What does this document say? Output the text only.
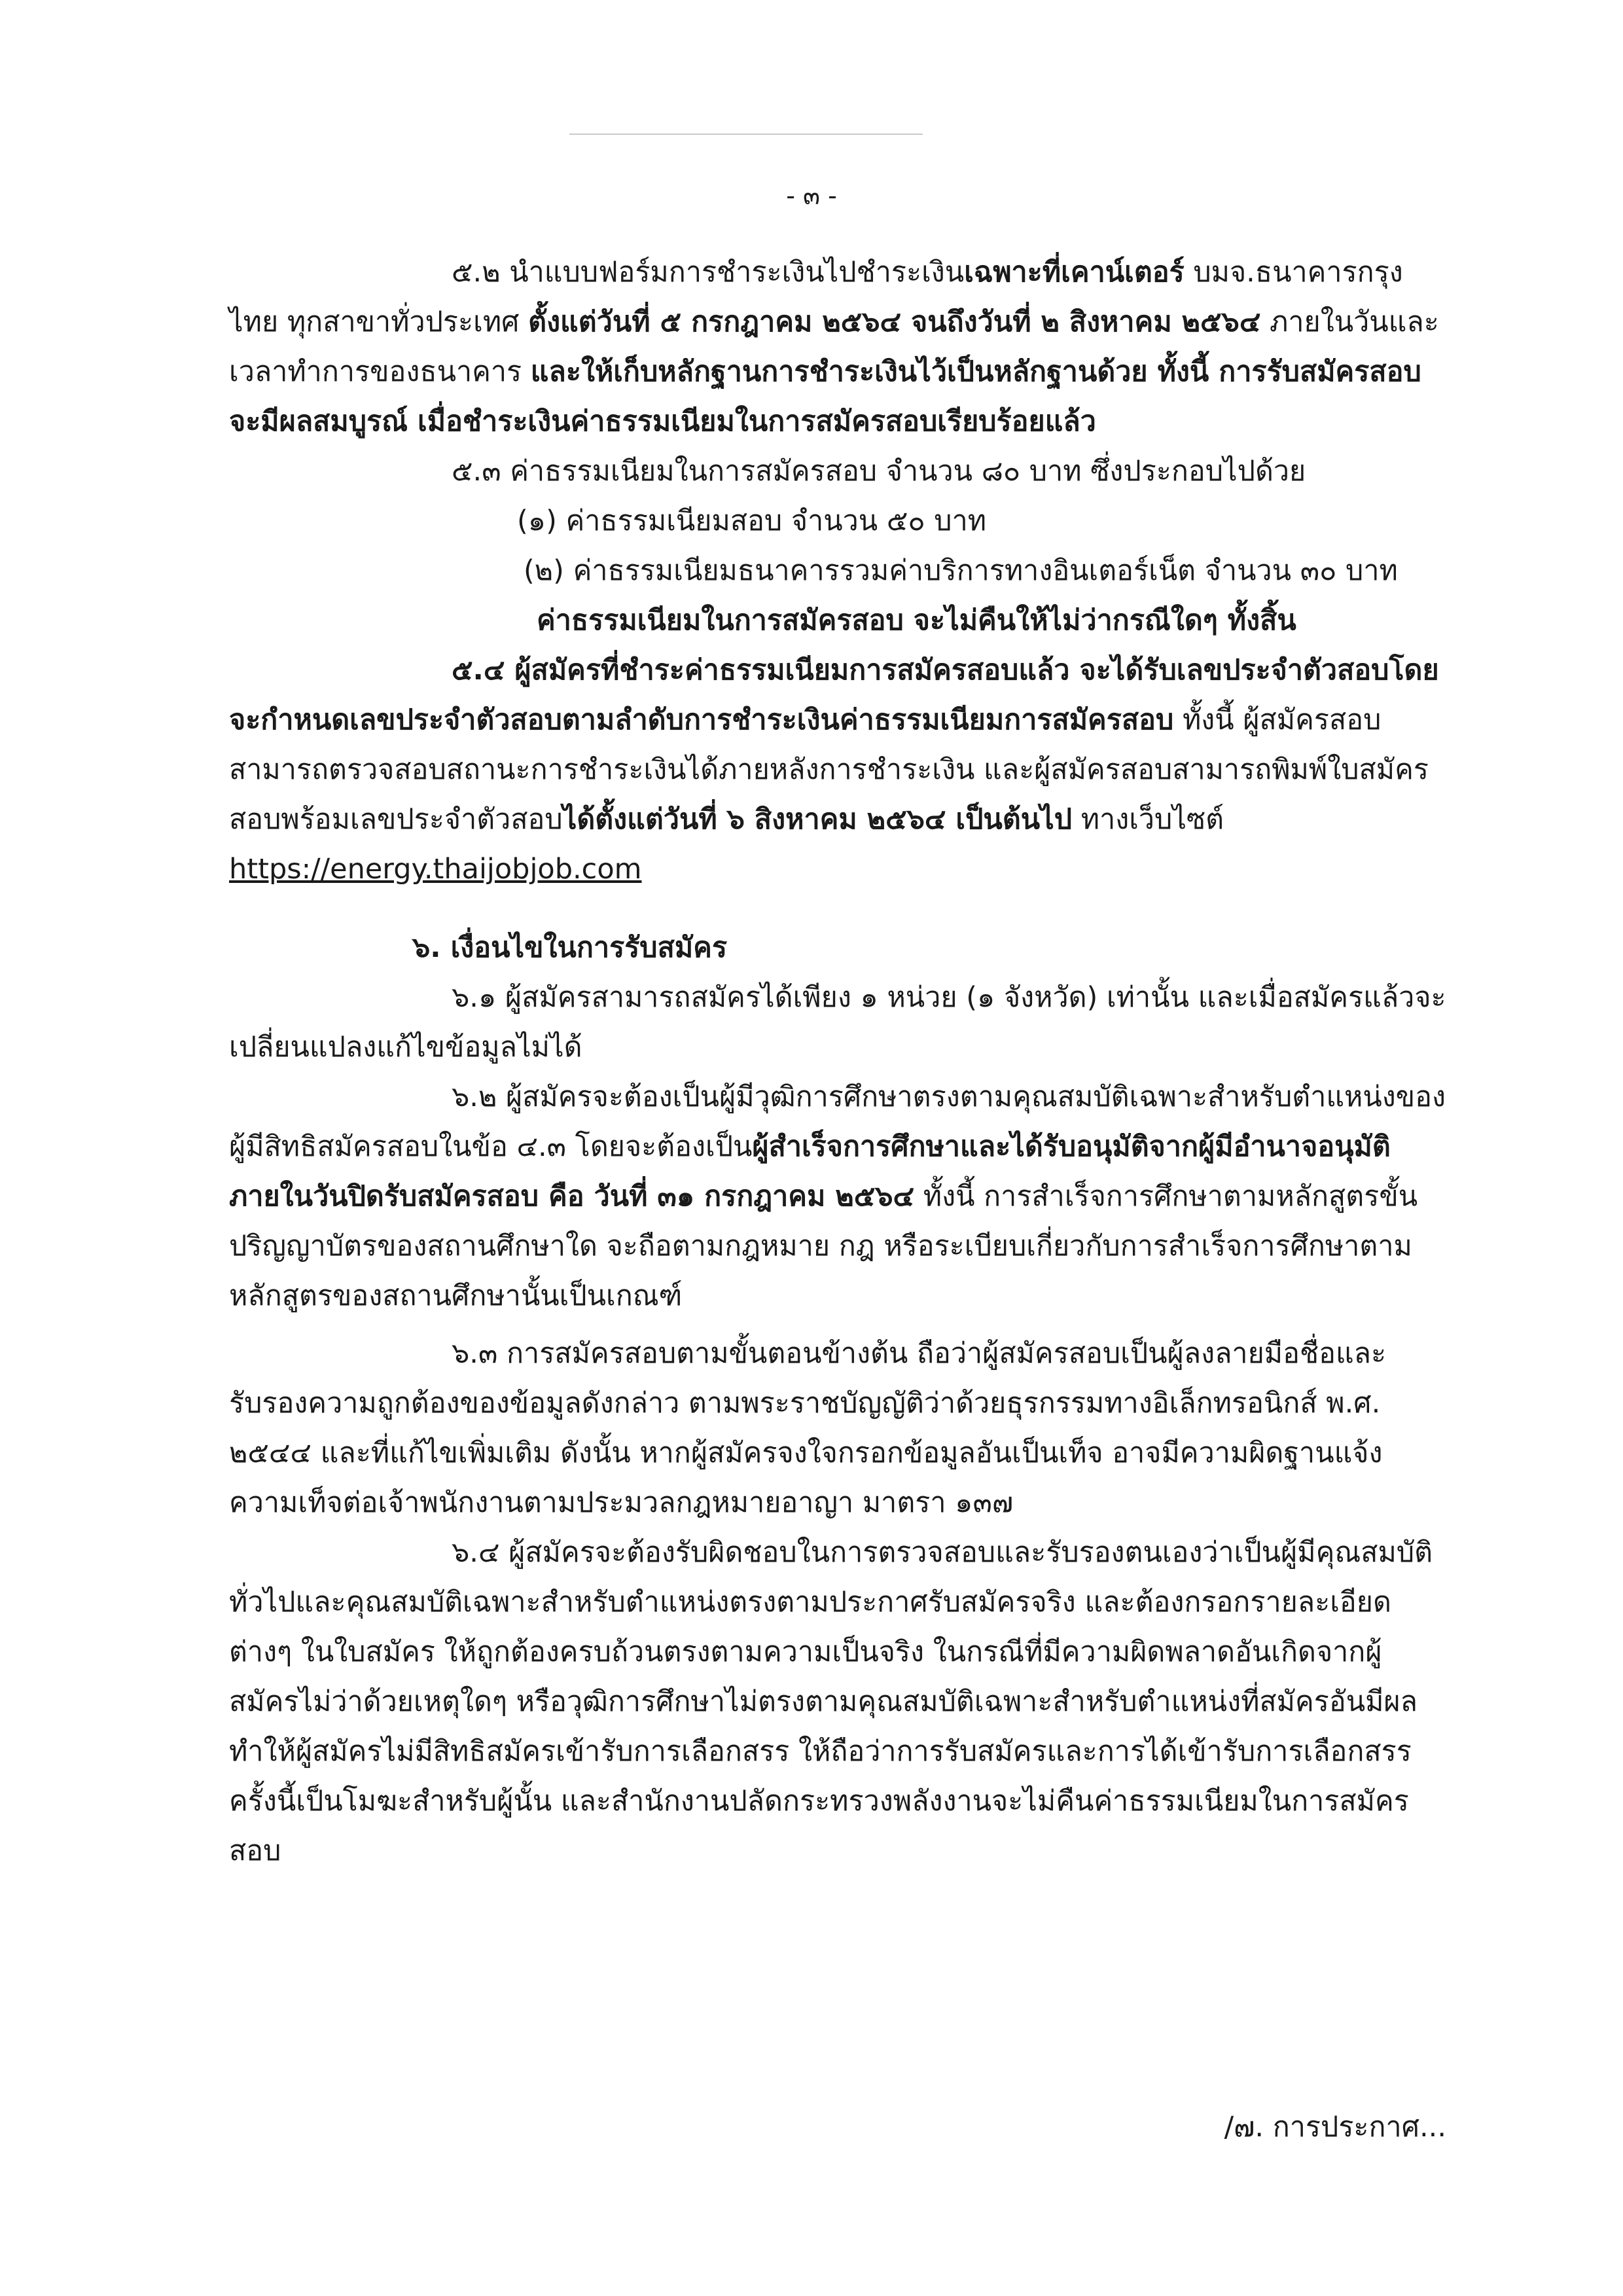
- ๓ -

๕.๒ นำแบบฟอร์มการชำระเงินไปชำระเงินเฉพาะที่เคาน์เตอร์ บมจ.ธนาคารกรุงไทย ทุกสาขาทั่วประเทศ ตั้งแต่วันที่ ๕ กรกฎาคม ๒๕๖๔ จนถึงวันที่ ๒ สิงหาคม ๒๕๖๔ ภายในวันและเวลาทำการของธนาคาร และให้เก็บหลักฐานการชำระเงินไว้เป็นหลักฐานด้วย ทั้งนี้ การรับสมัครสอบจะมีผลสมบูรณ์ เมื่อชำระเงินค่าธรรมเนียมในการสมัครสอบเรียบร้อยแล้ว

๕.๓ ค่าธรรมเนียมในการสมัครสอบ จำนวน ๘๐ บาท ซึ่งประกอบไปด้วย

(๑) ค่าธรรมเนียมสอบ จำนวน ๕๐ บาท

(๒) ค่าธรรมเนียมธนาคารรวมค่าบริการทางอินเตอร์เน็ต จำนวน ๓๐ บาท

ค่าธรรมเนียมในการสมัครสอบ จะไม่คืนให้ไม่ว่ากรณีใดๆ ทั้งสิ้น

๕.๔ ผู้สมัครที่ชำระค่าธรรมเนียมการสมัครสอบแล้ว จะได้รับเลขประจำตัวสอบโดยจะกำหนดเลขประจำตัวสอบตามลำดับการชำระเงินค่าธรรมเนียมการสมัครสอบ ทั้งนี้ ผู้สมัครสอบสามารถตรวจสอบสถานะการชำระเงินได้ภายหลังการชำระเงิน และผู้สมัครสอบสามารถพิมพ์ใบสมัครสอบพร้อมเลขประจำตัวสอบได้ตั้งแต่วันที่ ๖ สิงหาคม ๒๕๖๔ เป็นต้นไป ทางเว็บไซต์ https://energy.thaijobjob.com

๖. เงื่อนไขในการรับสมัคร

๖.๑ ผู้สมัครสามารถสมัครได้เพียง ๑ หน่วย (๑ จังหวัด) เท่านั้น และเมื่อสมัครแล้วจะเปลี่ยนแปลงแก้ไขข้อมูลไม่ได้

๖.๒ ผู้สมัครจะต้องเป็นผู้มีวุฒิการศึกษาตรงตามคุณสมบัติเฉพาะสำหรับตำแหน่งของผู้มีสิทธิสมัครสอบในข้อ ๔.๓ โดยจะต้องเป็นผู้สำเร็จการศึกษาและได้รับอนุมัติจากผู้มีอำนาจอนุมัติภายในวันปิดรับสมัครสอบ คือ วันที่ ๓๑ กรกฎาคม ๒๕๖๔ ทั้งนี้ การสำเร็จการศึกษาตามหลักสูตรขั้นปริญญาบัตรของสถานศึกษาใด จะถือตามกฎหมาย กฎ หรือระเบียบเกี่ยวกับการสำเร็จการศึกษาตามหลักสูตรของสถานศึกษานั้นเป็นเกณฑ์

๖.๓ การสมัครสอบตามขั้นตอนข้างต้น ถือว่าผู้สมัครสอบเป็นผู้ลงลายมือชื่อและรับรองความถูกต้องของข้อมูลดังกล่าว ตามพระราชบัญญัติว่าด้วยธุรกรรมทางอิเล็กทรอนิกส์ พ.ศ. ๒๕๔๔ และที่แก้ไขเพิ่มเติม ดังนั้น หากผู้สมัครจงใจกรอกข้อมูลอันเป็นเท็จ อาจมีความผิดฐานแจ้งความเท็จต่อเจ้าพนักงานตามประมวลกฎหมายอาญา มาตรา ๑๓๗

๖.๔ ผู้สมัครจะต้องรับผิดชอบในการตรวจสอบและรับรองตนเองว่าเป็นผู้มีคุณสมบัติทั่วไปและคุณสมบัติเฉพาะสำหรับตำแหน่งตรงตามประกาศรับสมัครจริง และต้องกรอกรายละเอียดต่างๆ ในใบสมัคร ให้ถูกต้องครบถ้วนตรงตามความเป็นจริง ในกรณีที่มีความผิดพลาดอันเกิดจากผู้สมัครไม่ว่าด้วยเหตุใดๆ หรือวุฒิการศึกษาไม่ตรงตามคุณสมบัติเฉพาะสำหรับตำแหน่งที่สมัครอันมีผลทำให้ผู้สมัครไม่มีสิทธิสมัครเข้ารับการเลือกสรร ให้ถือว่าการรับสมัครและการได้เข้ารับการเลือกสรรครั้งนี้เป็นโมฆะสำหรับผู้นั้น และสำนักงานปลัดกระทรวงพลังงานจะไม่คืนค่าธรรมเนียมในการสมัครสอบ

/๗. การประกาศ...
